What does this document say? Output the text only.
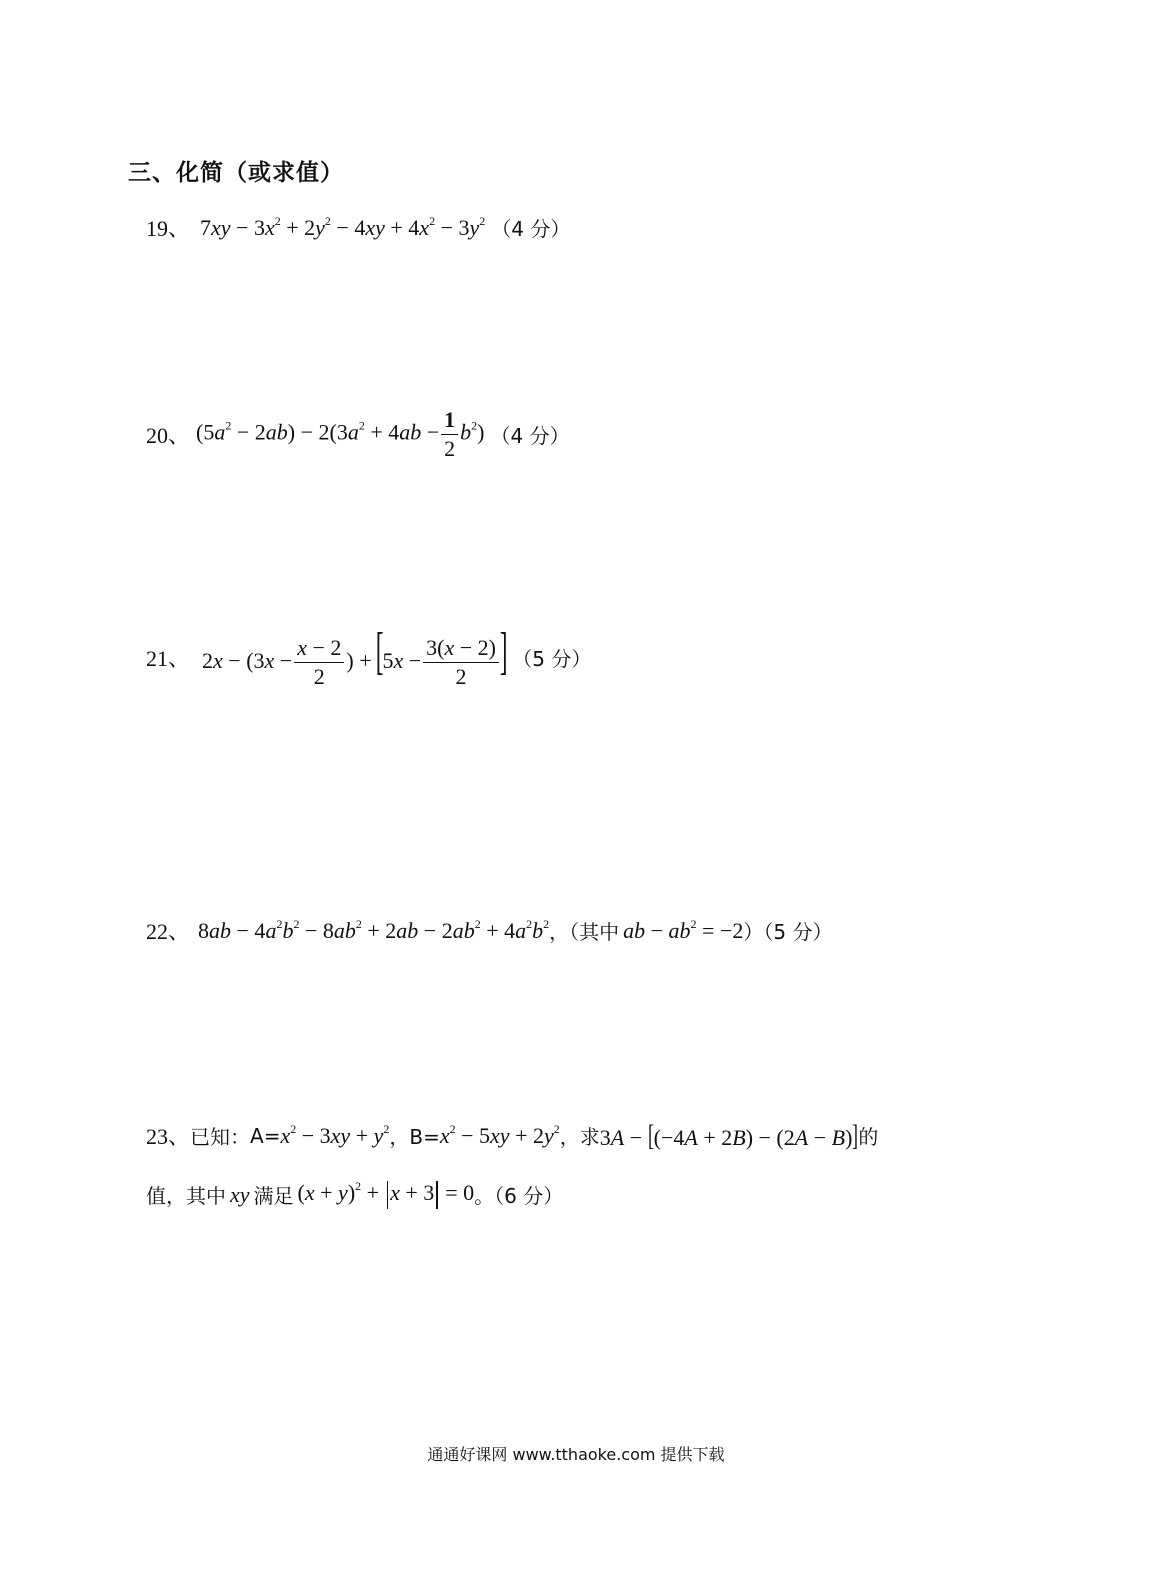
三、化简（或求值）
19、 $7xy - 3x^2 + 2y^2 - 4xy + 4x^2 - 3y^2$ （4 分）
20、 $(5a^2 - 2ab) - 2(3a^2 + 4ab - \frac{1}{2} b^2)$ （4 分）
21、 $2x - (3x - \frac{x - 2}{2}$ ) + [$5x - \frac{3(x - 2)}{2}$ ] （5 分）
22、 $8ab - 4a^2b^2 - 8ab^2 + 2ab - 2ab^2 + 4a^2b^2$ ，（其中 ab − $ab^2 = -2$ ）（5 分）
23、 已知： $A= x^2 - 3xy + y^2$ ，$B= x^2 - 5xy + 2y^2$ ，求 3A − [(−4A + 2B) − (2A − B)] 的
值，其中 xy 满足 $(x + y)^2 + x + 3 = 0$ 。（6 分）
通通好课网 www.tthaoke.com 提供下载
